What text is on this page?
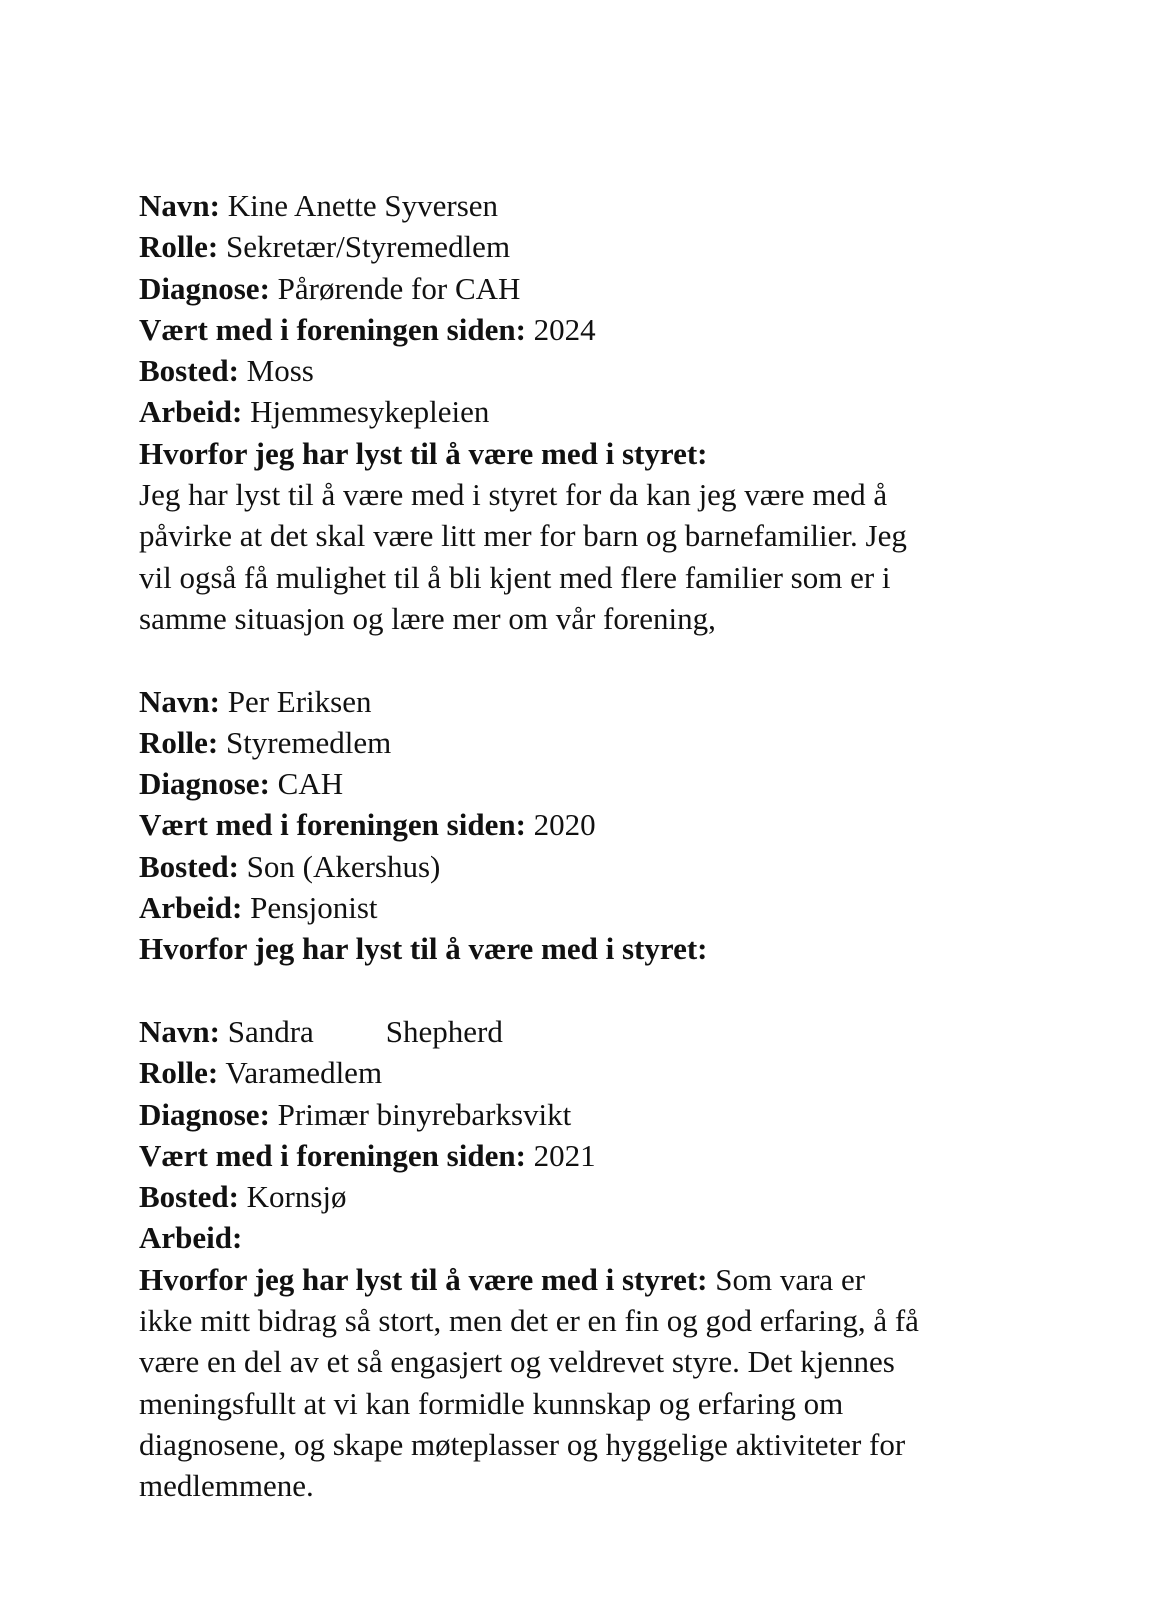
Navn: Kine Anette Syversen
Rolle: Sekretær/Styremedlem
Diagnose: Pårørende for CAH
Vært med i foreningen siden: 2024
Bosted: Moss
Arbeid: Hjemmesykepleien
Hvorfor jeg har lyst til å være med i styret:
Jeg har lyst til å være med i styret for da kan jeg være med å
påvirke at det skal være litt mer for barn og barnefamilier. Jeg
vil også få mulighet til å bli kjent med flere familier som er i
samme situasjon og lære mer om vår forening,
Navn: Per Eriksen
Rolle: Styremedlem
Diagnose: CAH
Vært med i foreningen siden: 2020
Bosted: Son (Akershus)
Arbeid: Pensjonist
Hvorfor jeg har lyst til å være med i styret:
Navn: Sandra Shepherd
Rolle: Varamedlem
Diagnose: Primær binyrebarksvikt
Vært med i foreningen siden: 2021
Bosted: Kornsjø
Arbeid:
Hvorfor jeg har lyst til å være med i styret: Som vara er
ikke mitt bidrag så stort, men det er en fin og god erfaring, å få
være en del av et så engasjert og veldrevet styre. Det kjennes
meningsfullt at vi kan formidle kunnskap og erfaring om
diagnosene, og skape møteplasser og hyggelige aktiviteter for
medlemmene.
